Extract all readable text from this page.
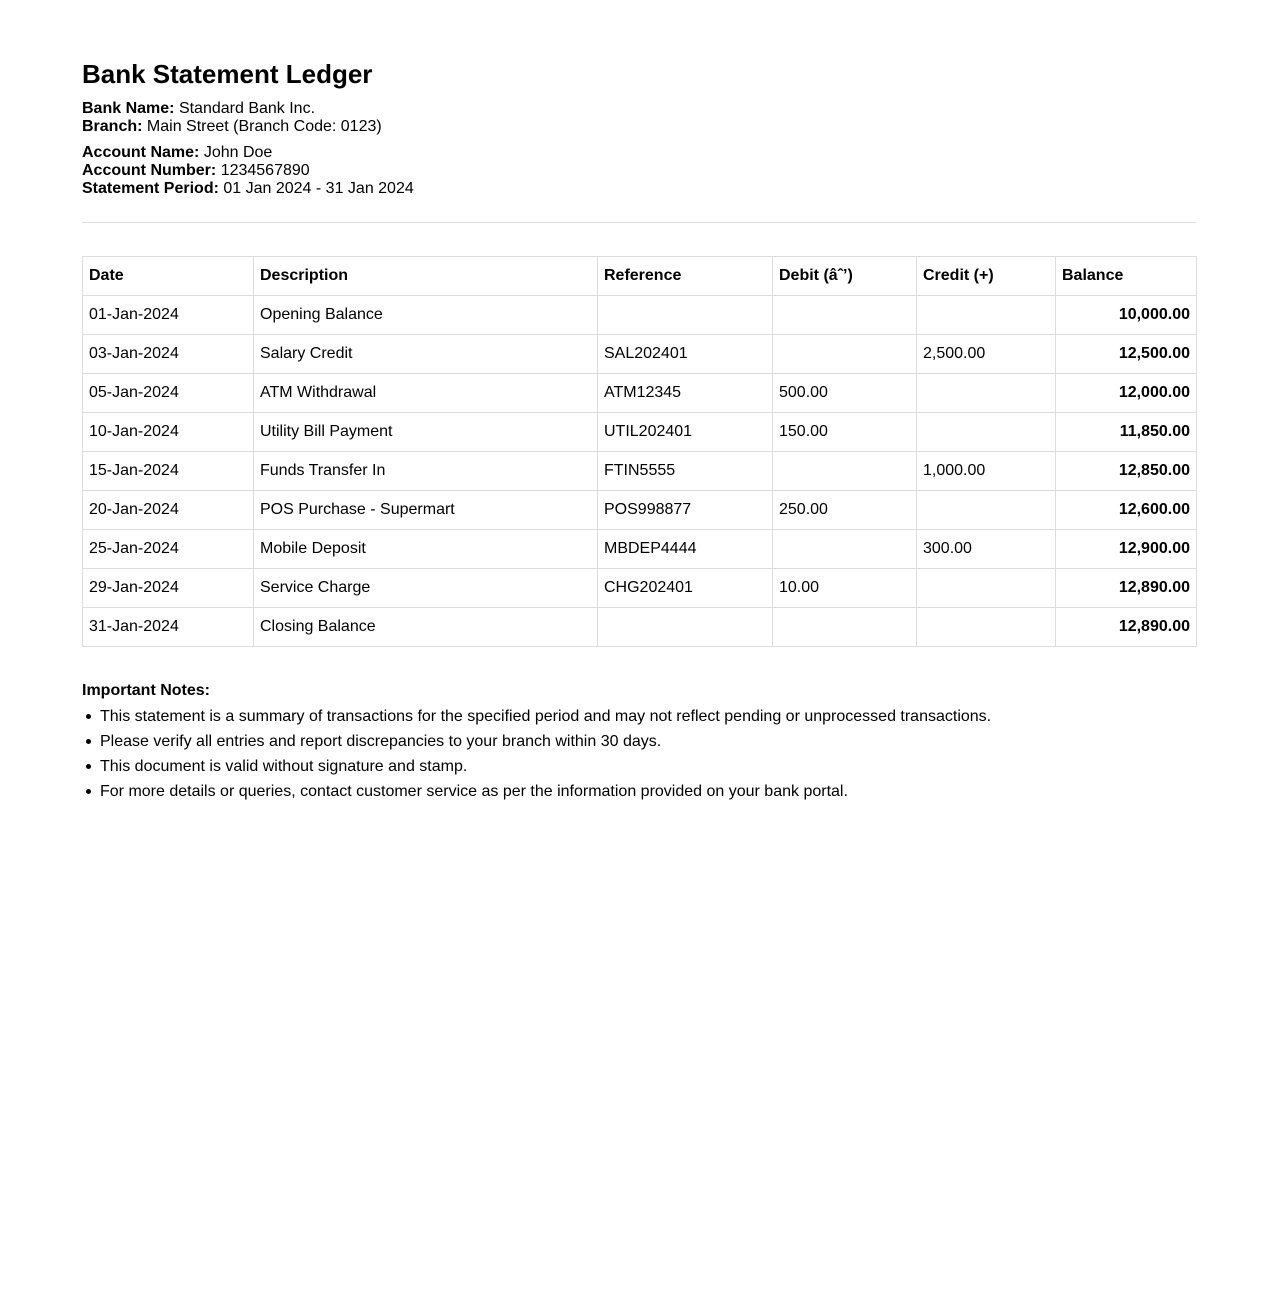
Bank Statement Ledger
Bank Name: Standard Bank Inc.
Branch: Main Street (Branch Code: 0123)
Account Name: John Doe
Account Number: 1234567890
Statement Period: 01 Jan 2024 - 31 Jan 2024
Date	Description	Reference	Debit (âˆ’)	Credit (+)	Balance
01-Jan-2024	Opening Balance				10,000.00
03-Jan-2024	Salary Credit	SAL202401		2,500.00	12,500.00
05-Jan-2024	ATM Withdrawal	ATM12345	500.00		12,000.00
10-Jan-2024	Utility Bill Payment	UTIL202401	150.00		11,850.00
15-Jan-2024	Funds Transfer In	FTIN5555		1,000.00	12,850.00
20-Jan-2024	POS Purchase - Supermart	POS998877	250.00		12,600.00
25-Jan-2024	Mobile Deposit	MBDEP4444		300.00	12,900.00
29-Jan-2024	Service Charge	CHG202401	10.00		12,890.00
31-Jan-2024	Closing Balance				12,890.00
Important Notes:
This statement is a summary of transactions for the specified period and may not reflect pending or unprocessed transactions.
Please verify all entries and report discrepancies to your branch within 30 days.
This document is valid without signature and stamp.
For more details or queries, contact customer service as per the information provided on your bank portal.
